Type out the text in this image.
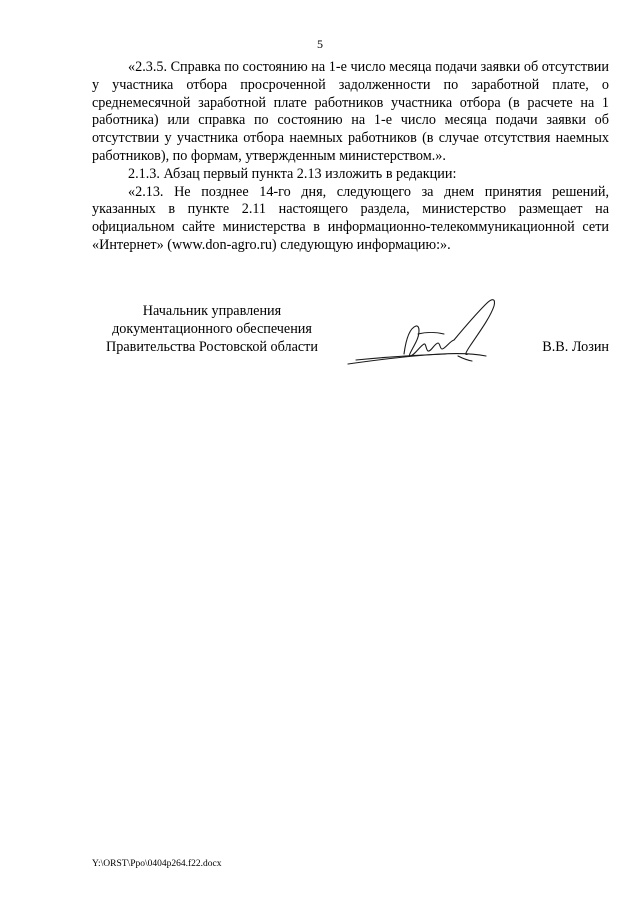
5

«2.3.5. Справка по состоянию на 1-е число месяца подачи заявки об отсутствии у участника отбора просроченной задолженности по заработной плате, о среднемесячной заработной плате работников участника отбора (в расчете на 1 работника) или справка по состоянию на 1-е число месяца подачи заявки об отсутствии у участника отбора наемных работников (в случае отсутствия наемных работников), по формам, утвержденным министерством.».

2.1.3. Абзац первый пункта 2.13 изложить в редакции:

«2.13. Не позднее 14-го дня, следующего за днем принятия решений, указанных в пункте 2.11 настоящего раздела, министерство размещает на официальном сайте министерства в информационно-телекоммуникационной сети «Интернет» (www.don-agro.ru) следующую информацию:».

Начальник управления
документационного обеспечения
Правительства Ростовской области	В.В. Лозин
Y:\ORST\Ppo\0404p264.f22.docx
